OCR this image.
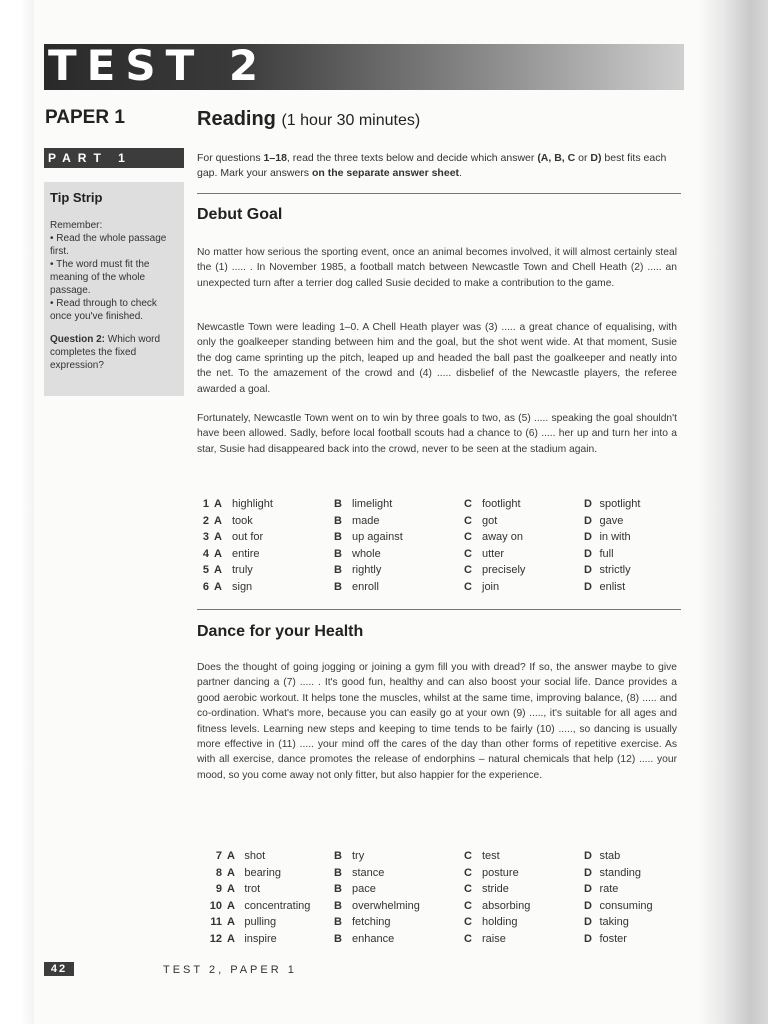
TEST 2
PAPER 1	Reading (1 hour 30 minutes)
PART 1
Tip Strip
Remember:
• Read the whole passage first.
• The word must fit the meaning of the whole passage.
• Read through to check once you've finished.
Question 2: Which word completes the fixed expression?
For questions 1–18, read the three texts below and decide which answer (A, B, C or D) best fits each gap. Mark your answers on the separate answer sheet.
Debut Goal
No matter how serious the sporting event, once an animal becomes involved, it will almost certainly steal the (1) ..... . In November 1985, a football match between Newcastle Town and Chell Heath (2) ..... an unexpected turn after a terrier dog called Susie decided to make a contribution to the game.
Newcastle Town were leading 1–0. A Chell Heath player was (3) ..... a great chance of equalising, with only the goalkeeper standing between him and the goal, but the shot went wide. At that moment, Susie the dog came sprinting up the pitch, leaped up and headed the ball past the goalkeeper and neatly into the net. To the amazement of the crowd and (4) ..... disbelief of the Newcastle players, the referee awarded a goal.
Fortunately, Newcastle Town went on to win by three goals to two, as (5) ..... speaking the goal shouldn't have been allowed. Sadly, before local football scouts had a chance to (6) ..... her up and turn her into a star, Susie had disappeared back into the crowd, never to be seen at the stadium again.
1 A highlight	B limelight	C footlight	D spotlight
2 A took	B made	C got	D gave
3 A out for	B up against	C away on	D in with
4 A entire	B whole	C utter	D full
5 A truly	B rightly	C precisely	D strictly
6 A sign	B enroll	C join	D enlist
Dance for your Health
Does the thought of going jogging or joining a gym fill you with dread? If so, the answer maybe to give partner dancing a (7) ..... . It's good fun, healthy and can also boost your social life. Dance provides a good aerobic workout. It helps tone the muscles, whilst at the same time, improving balance, (8) ..... and co-ordination. What's more, because you can easily go at your own (9) ....., it's suitable for all ages and fitness levels. Learning new steps and keeping to time tends to be fairly (10) ....., so dancing is usually more effective in (11) ..... your mind off the cares of the day than other forms of repetitive exercise. As with all exercise, dance promotes the release of endorphins – natural chemicals that help (12) ..... your mood, so you come away not only fitter, but also happier for the experience.
7 A shot	B try	C test	D stab
8 A bearing	B stance	C posture	D standing
9 A trot	B pace	C stride	D rate
10 A concentrating	B overwhelming	C absorbing	D consuming
11 A pulling	B fetching	C holding	D taking
12 A inspire	B enhance	C raise	D foster
42	TEST 2, PAPER 1
